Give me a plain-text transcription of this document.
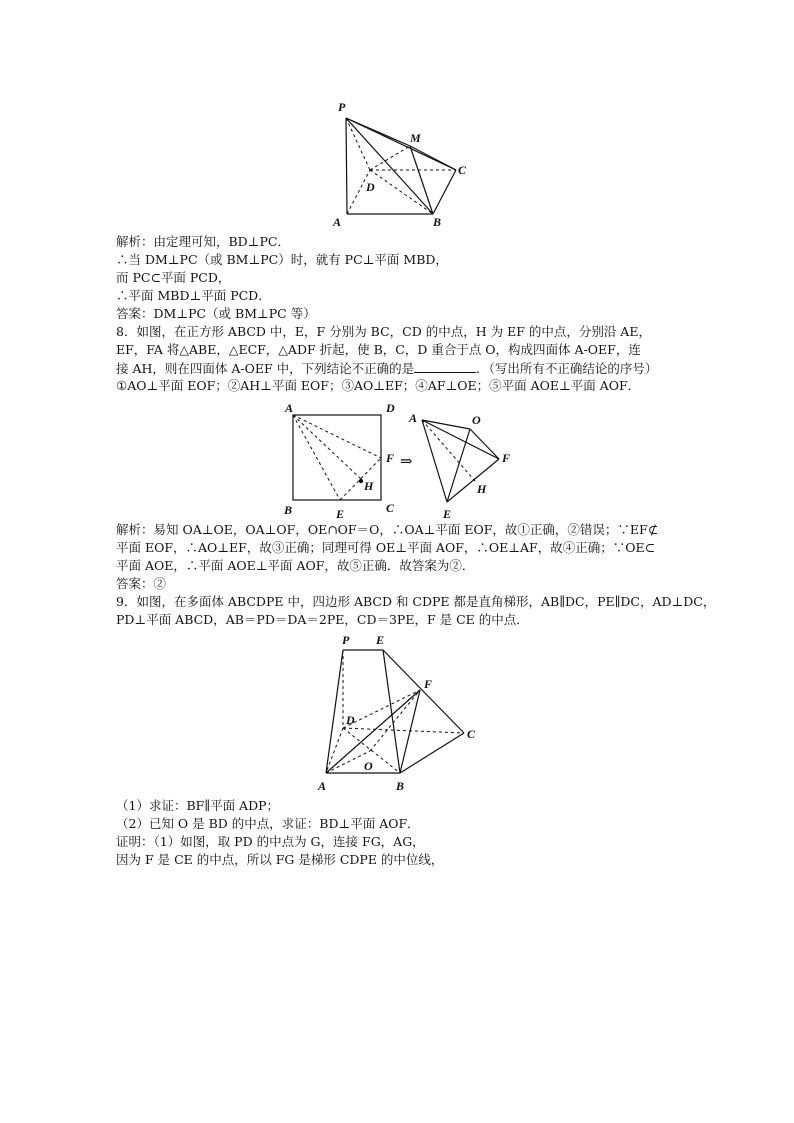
P
M
C
D
A	B
解析：由定理可知，BD⊥PC．
∴当 DM⊥PC（或 BM⊥PC）时，就有 PC⊥平面 MBD，
而 PC⊂平面 PCD，
∴平面 MBD⊥平面 PCD．
答案：DM⊥PC（或 BM⊥PC 等）
8．如图，在正方形 ABCD 中，E，F 分别为 BC，CD 的中点，H 为 EF 的中点，分别沿 AE，
EF，FA 将△ABE，△ECF，△ADF 折起，使 B，C，D 重合于点 O，构成四面体 A-OEF，连
接 AH，则在四面体 A-OEF 中，下列结论不正确的是	．（写出所有不正确结论的序号）
①AO⊥平面 EOF；②AH⊥平面 EOF；③AO⊥EF；④AF⊥OE；⑤平面 AOE⊥平面 AOF．
A	D
F
H
B	E	C
⇒
A	O
F
H
E
解析：易知 OA⊥OE，OA⊥OF，OE∩OF＝O，∴OA⊥平面 EOF，故①正确，②错误；∵EF⊄
平面 EOF，∴AO⊥EF，故③正确；同理可得 OE⊥平面 AOF，∴OE⊥AF，故④正确；∵OE⊂
平面 AOE，∴平面 AOE⊥平面 AOF，故⑤正确．故答案为②．
答案：②
9．如图，在多面体 ABCDPE 中，四边形 ABCD 和 CDPE 都是直角梯形，AB∥DC，PE∥DC，AD⊥DC，
PD⊥平面 ABCD，AB＝PD＝DA＝2PE，CD＝3PE，F 是 CE 的中点．
P E
F
D
C
O
A	B
（1）求证：BF∥平面 ADP；
（2）已知 O 是 BD 的中点，求证：BD⊥平面 AOF．
证明：（1）如图，取 PD 的中点为 G，连接 FG，AG，
因为 F 是 CE 的中点，所以 FG 是梯形 CDPE 的中位线，
